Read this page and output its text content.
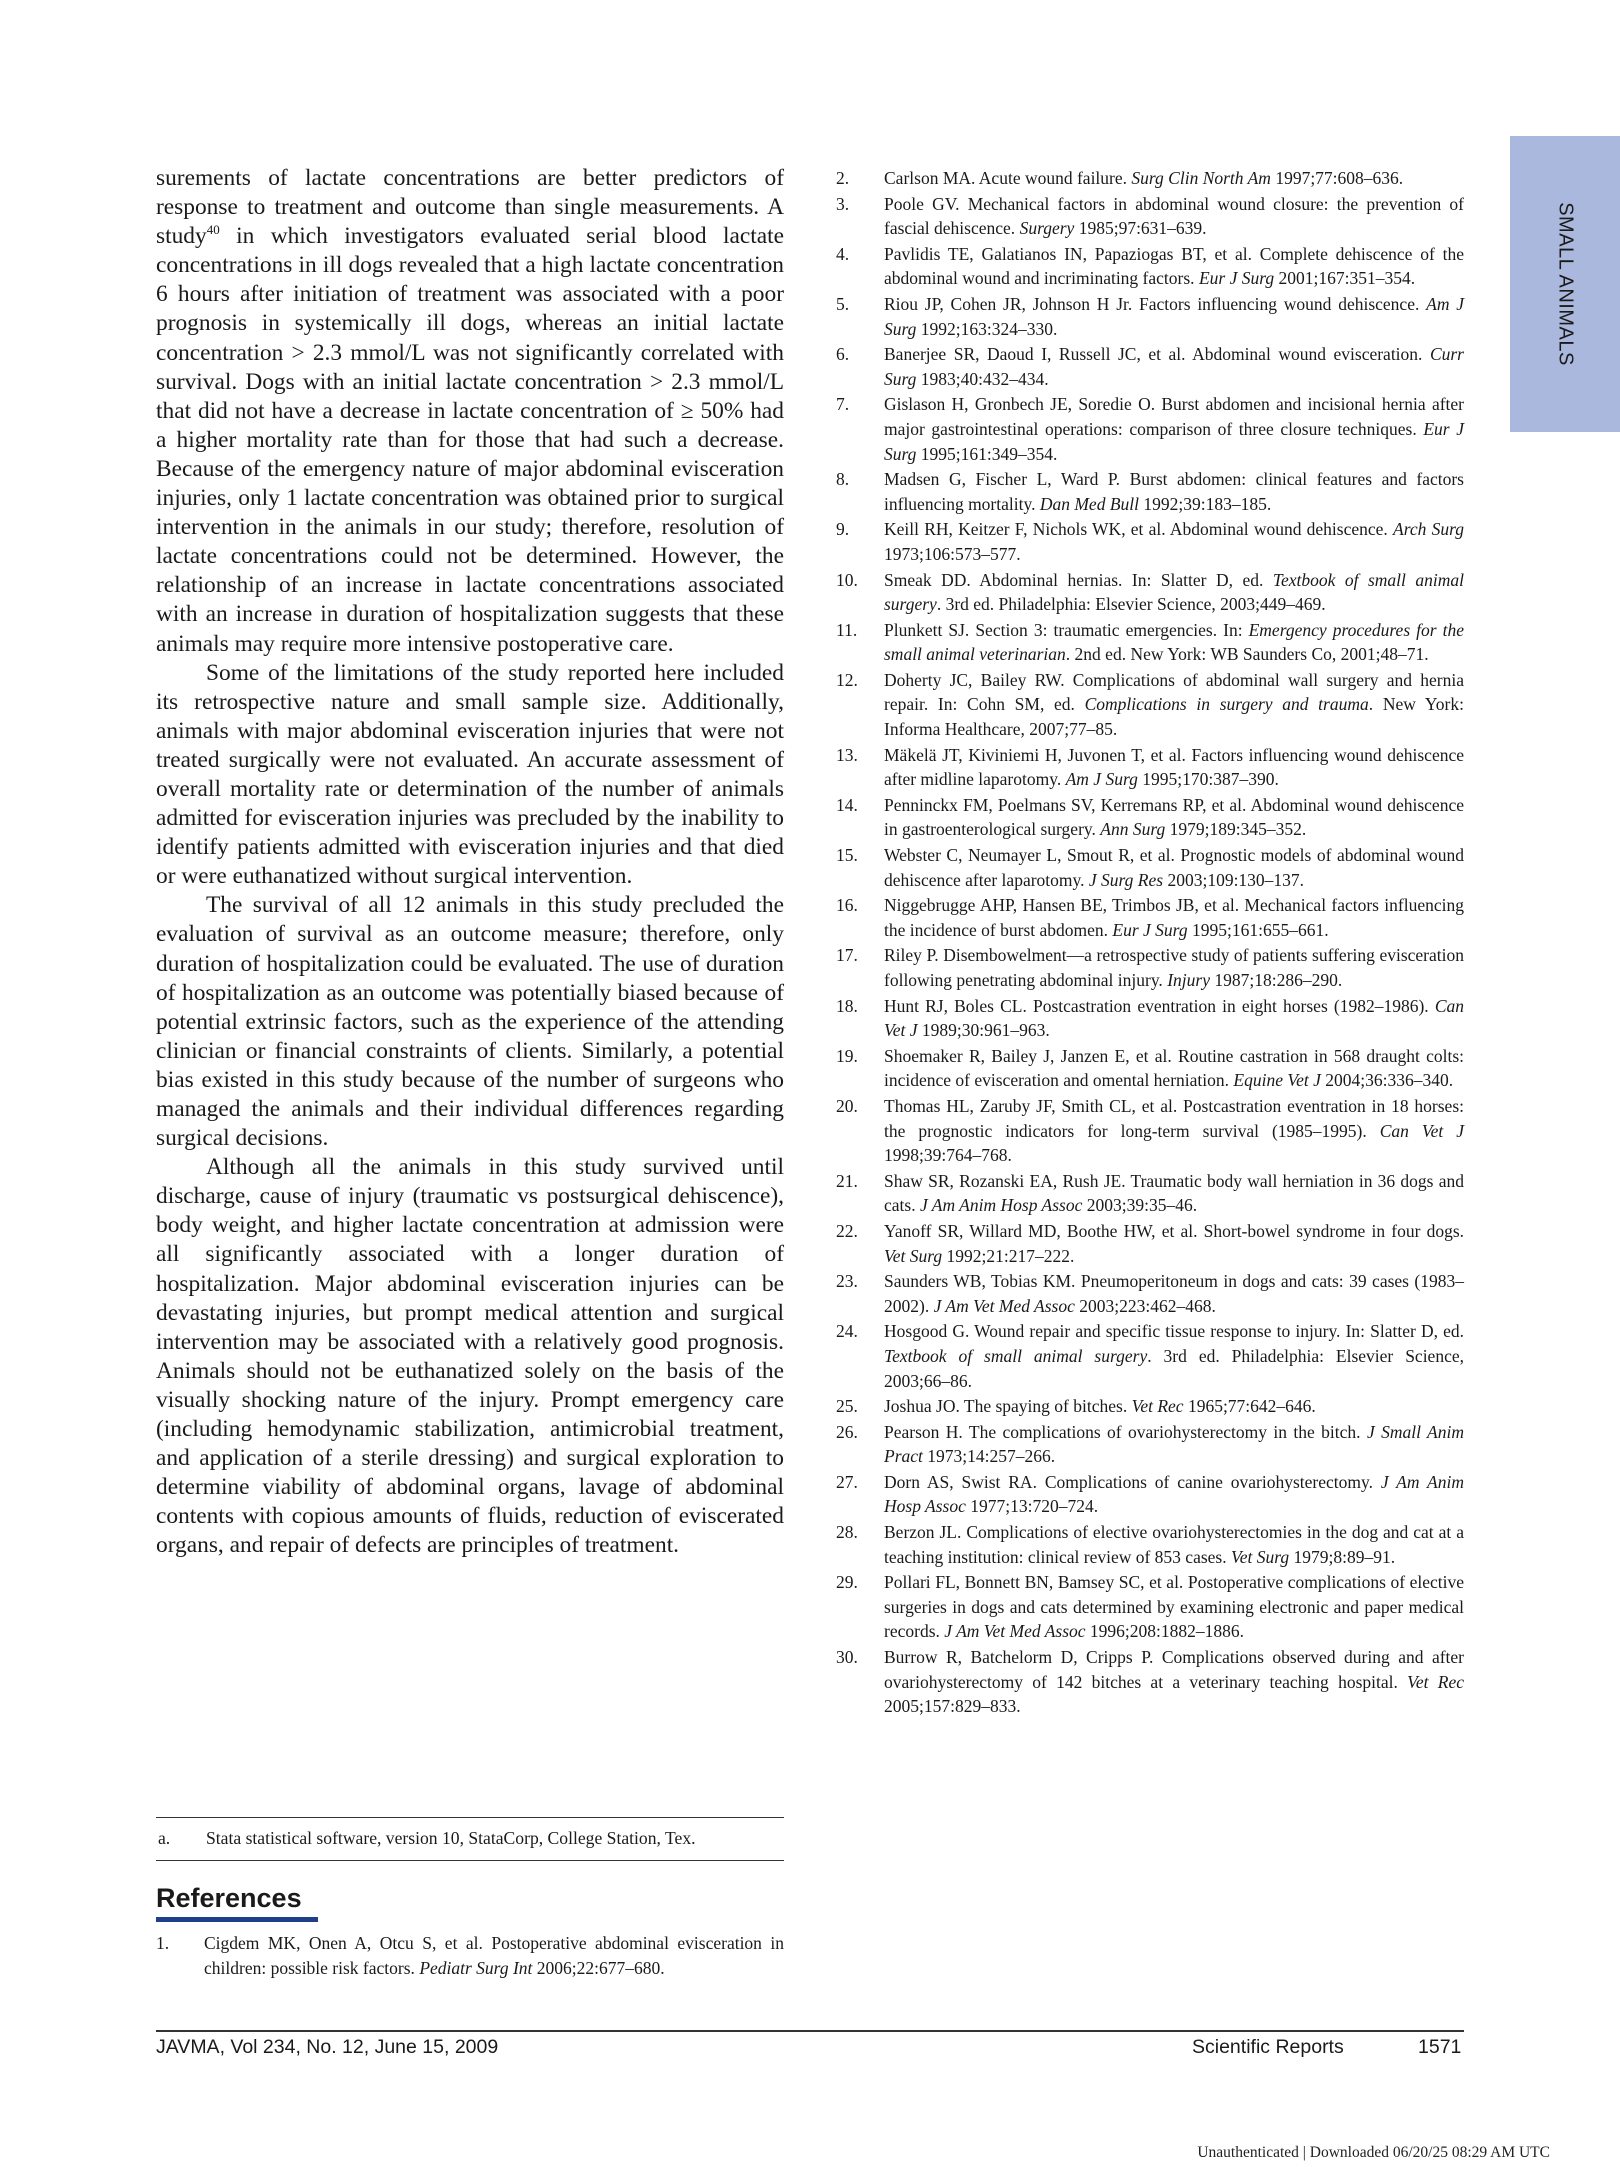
SMALL ANIMALS

surements of lactate concentrations are better predictors of response to treatment and outcome than single measurements. A study$^{40}$ in which investigators evaluated serial blood lactate concentrations in ill dogs revealed that a high lactate concentration 6 hours after initiation of treatment was associated with a poor prognosis in systemically ill dogs, whereas an initial lactate concentration > 2.3 mmol/L was not significantly correlated with survival. Dogs with an initial lactate concentration > 2.3 mmol/L that did not have a decrease in lactate concentration of ≥ 50% had a higher mortality rate than for those that had such a decrease. Because of the emergency nature of major abdominal evisceration injuries, only 1 lactate concentration was obtained prior to surgical intervention in the animals in our study; therefore, resolution of lactate concentrations could not be determined. However, the relationship of an increase in lactate concentrations associated with an increase in duration of hospitalization suggests that these animals may require more intensive postoperative care.

Some of the limitations of the study reported here included its retrospective nature and small sample size. Additionally, animals with major abdominal evisceration injuries that were not treated surgically were not evaluated. An accurate assessment of overall mortality rate or determination of the number of animals admitted for evisceration injuries was precluded by the inability to identify patients admitted with evisceration injuries and that died or were euthanatized without surgical intervention.

The survival of all 12 animals in this study precluded the evaluation of survival as an outcome measure; therefore, only duration of hospitalization could be evaluated. The use of duration of hospitalization as an outcome was potentially biased because of potential extrinsic factors, such as the experience of the attending clinician or financial constraints of clients. Similarly, a potential bias existed in this study because of the number of surgeons who managed the animals and their individual differences regarding surgical decisions.

Although all the animals in this study survived until discharge, cause of injury (traumatic vs postsurgical dehiscence), body weight, and higher lactate concentration at admission were all significantly associated with a longer duration of hospitalization. Major abdominal evisceration injuries can be devastating injuries, but prompt medical attention and surgical intervention may be associated with a relatively good prognosis. Animals should not be euthanatized solely on the basis of the visually shocking nature of the injury. Prompt emergency care (including hemodynamic stabilization, antimicrobial treatment, and application of a sterile dressing) and surgical exploration to determine viability of abdominal organs, lavage of abdominal contents with copious amounts of fluids, reduction of eviscerated organs, and repair of defects are principles of treatment.

a. Stata statistical software, version 10, StataCorp, College Station, Tex.
References
1.	Cigdem MK, Onen A, Otcu S, et al. Postoperative abdominal evisceration in children: possible risk factors. Pediatr Surg Int 2006;22:677–680.
2.	Carlson MA. Acute wound failure. Surg Clin North Am 1997;77:608–636.
3.	Poole GV. Mechanical factors in abdominal wound closure: the prevention of fascial dehiscence. Surgery 1985;97:631–639.
4.	Pavlidis TE, Galatianos IN, Papaziogas BT, et al. Complete dehiscence of the abdominal wound and incriminating factors. Eur J Surg 2001;167:351–354.
5.	Riou JP, Cohen JR, Johnson H Jr. Factors influencing wound dehiscence. Am J Surg 1992;163:324–330.
6.	Banerjee SR, Daoud I, Russell JC, et al. Abdominal wound evisceration. Curr Surg 1983;40:432–434.
7.	Gislason H, Gronbech JE, Soredie O. Burst abdomen and incisional hernia after major gastrointestinal operations: comparison of three closure techniques. Eur J Surg 1995;161:349–354.
8.	Madsen G, Fischer L, Ward P. Burst abdomen: clinical features and factors influencing mortality. Dan Med Bull 1992;39:183–185.
9.	Keill RH, Keitzer F, Nichols WK, et al. Abdominal wound dehiscence. Arch Surg 1973;106:573–577.
10.	Smeak DD. Abdominal hernias. In: Slatter D, ed. Textbook of small animal surgery. 3rd ed. Philadelphia: Elsevier Science, 2003;449–469.
11.	Plunkett SJ. Section 3: traumatic emergencies. In: Emergency procedures for the small animal veterinarian. 2nd ed. New York: WB Saunders Co, 2001;48–71.
12.	Doherty JC, Bailey RW. Complications of abdominal wall surgery and hernia repair. In: Cohn SM, ed. Complications in surgery and trauma. New York: Informa Healthcare, 2007;77–85.
13.	Mäkelä JT, Kiviniemi H, Juvonen T, et al. Factors influencing wound dehiscence after midline laparotomy. Am J Surg 1995;170:387–390.
14.	Penninckx FM, Poelmans SV, Kerremans RP, et al. Abdominal wound dehiscence in gastroenterological surgery. Ann Surg 1979;189:345–352.
15.	Webster C, Neumayer L, Smout R, et al. Prognostic models of abdominal wound dehiscence after laparotomy. J Surg Res 2003;109:130–137.
16.	Niggebrugge AHP, Hansen BE, Trimbos JB, et al. Mechanical factors influencing the incidence of burst abdomen. Eur J Surg 1995;161:655–661.
17.	Riley P. Disembowelment—a retrospective study of patients suffering evisceration following penetrating abdominal injury. Injury 1987;18:286–290.
18.	Hunt RJ, Boles CL. Postcastration eventration in eight horses (1982–1986). Can Vet J 1989;30:961–963.
19.	Shoemaker R, Bailey J, Janzen E, et al. Routine castration in 568 draught colts: incidence of evisceration and omental herniation. Equine Vet J 2004;36:336–340.
20.	Thomas HL, Zaruby JF, Smith CL, et al. Postcastration eventration in 18 horses: the prognostic indicators for long-term survival (1985–1995). Can Vet J 1998;39:764–768.
21.	Shaw SR, Rozanski EA, Rush JE. Traumatic body wall herniation in 36 dogs and cats. J Am Anim Hosp Assoc 2003;39:35–46.
22.	Yanoff SR, Willard MD, Boothe HW, et al. Short-bowel syndrome in four dogs. Vet Surg 1992;21:217–222.
23.	Saunders WB, Tobias KM. Pneumoperitoneum in dogs and cats: 39 cases (1983–2002). J Am Vet Med Assoc 2003;223:462–468.
24.	Hosgood G. Wound repair and specific tissue response to injury. In: Slatter D, ed. Textbook of small animal surgery. 3rd ed. Philadelphia: Elsevier Science, 2003;66–86.
25.	Joshua JO. The spaying of bitches. Vet Rec 1965;77:642–646.
26.	Pearson H. The complications of ovariohysterectomy in the bitch. J Small Anim Pract 1973;14:257–266.
27.	Dorn AS, Swist RA. Complications of canine ovariohysterectomy. J Am Anim Hosp Assoc 1977;13:720–724.
28.	Berzon JL. Complications of elective ovariohysterectomies in the dog and cat at a teaching institution: clinical review of 853 cases. Vet Surg 1979;8:89–91.
29.	Pollari FL, Bonnett BN, Bamsey SC, et al. Postoperative complications of elective surgeries in dogs and cats determined by examining electronic and paper medical records. J Am Vet Med Assoc 1996;208:1882–1886.
30.	Burrow R, Batchelorm D, Cripps P. Complications observed during and after ovariohysterectomy of 142 bitches at a veterinary teaching hospital. Vet Rec 2005;157:829–833.
JAVMA, Vol 234, No. 12, June 15, 2009	Scientific Reports	1571
Unauthenticated | Downloaded 06/20/25 08:29 AM UTC
